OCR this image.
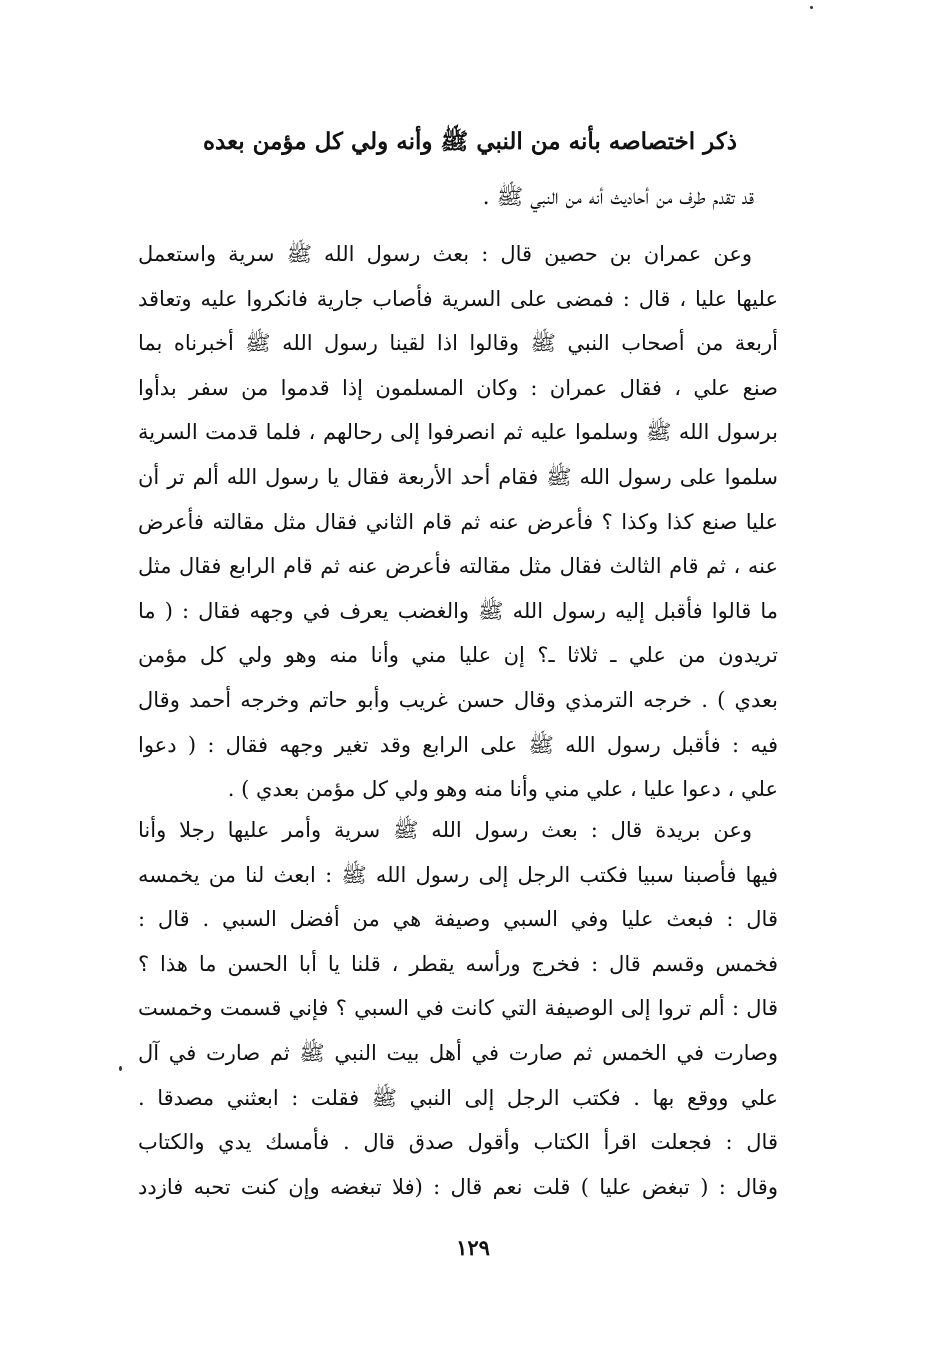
ذكر اختصاصه بأنه من النبي ﷺ وأنه ولي كل مؤمن بعده
قد تقدم طرف من أحاديث أنه من النبي ﷺ .
وعن عمران بن حصين قال : بعث رسول الله ﷺ سرية واستعمل
عليها عليا ، قال : فمضى على السرية فأصاب جارية فانكروا عليه وتعاقد
أربعة من أصحاب النبي ﷺ وقالوا اذا لقينا رسول الله ﷺ أخبرناه بما
صنع علي ، فقال عمران : وكان المسلمون إذا قدموا من سفر بدأوا
برسول الله ﷺ وسلموا عليه ثم انصرفوا إلى رحالهم ، فلما قدمت السرية
سلموا على رسول الله ﷺ فقام أحد الأربعة فقال يا رسول الله ألم تر أن
عليا صنع كذا وكذا ؟ فأعرض عنه ثم قام الثاني فقال مثل مقالته فأعرض
عنه ، ثم قام الثالث فقال مثل مقالته فأعرض عنه ثم قام الرابع فقال مثل
ما قالوا فأقبل إليه رسول الله ﷺ والغضب يعرف في وجهه فقال : ( ما
تريدون من علي ـ ثلاثا ـ؟ إن عليا مني وأنا منه وهو ولي كل مؤمن
بعدي ) . خرجه الترمذي وقال حسن غريب وأبو حاتم وخرجه أحمد وقال
فيه : فأقبل رسول الله ﷺ على الرابع وقد تغير وجهه فقال : ( دعوا
علي ، دعوا عليا ، علي مني وأنا منه وهو ولي كل مؤمن بعدي ) .
وعن بريدة قال : بعث رسول الله ﷺ سرية وأمر عليها رجلا وأنا
فيها فأصبنا سبيا فكتب الرجل إلى رسول الله ﷺ : ابعث لنا من يخمسه
قال : فبعث عليا وفي السبي وصيفة هي من أفضل السبي . قال :
فخمس وقسم قال : فخرج ورأسه يقطر ، قلنا يا أبا الحسن ما هذا ؟
قال : ألم تروا إلى الوصيفة التي كانت في السبي ؟ فإني قسمت وخمست
وصارت في الخمس ثم صارت في أهل بيت النبي ﷺ ثم صارت في آل
علي ووقع بها . فكتب الرجل إلى النبي ﷺ فقلت : ابعثني مصدقا .
قال : فجعلت اقرأ الكتاب وأقول صدق قال . فأمسك يدي والكتاب
وقال : ( تبغض عليا ) قلت نعم قال : (فلا تبغضه وإن كنت تحبه فازدد
١٢٩
